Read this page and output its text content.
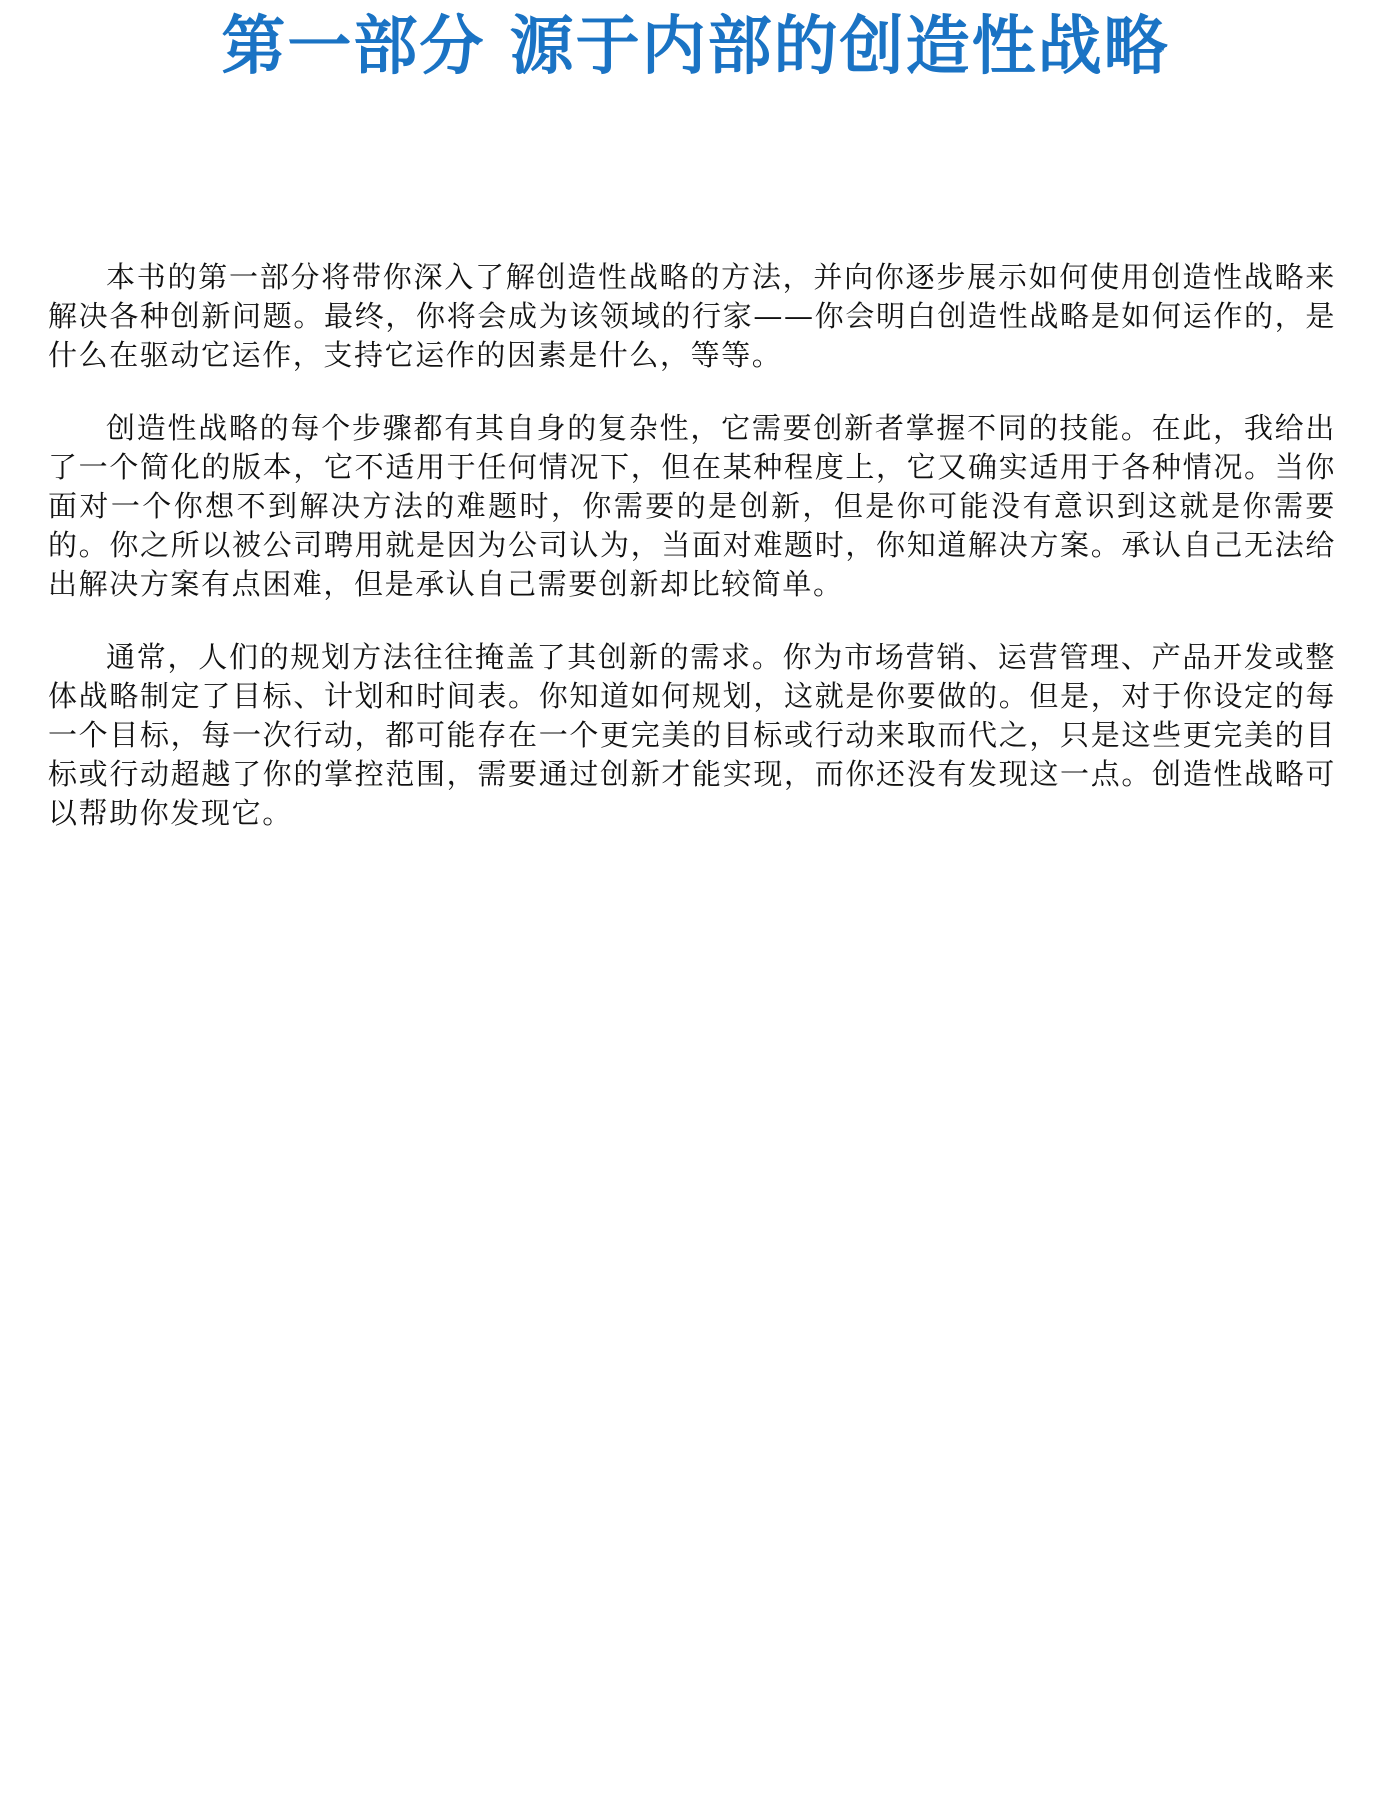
第一部分 源于内部的创造性战略

本书的第一部分将带你深入了解创造性战略的方法，并向你逐步展示如何使用创造性战略来解决各种创新问题。最终，你将会成为该领域的行家——你会明白创造性战略是如何运作的，是什么在驱动它运作，支持它运作的因素是什么，等等。

创造性战略的每个步骤都有其自身的复杂性，它需要创新者掌握不同的技能。在此，我给出了一个简化的版本，它不适用于任何情况下，但在某种程度上，它又确实适用于各种情况。当你面对一个你想不到解决方法的难题时，你需要的是创新，但是你可能没有意识到这就是你需要的。你之所以被公司聘用就是因为公司认为，当面对难题时，你知道解决方案。承认自己无法给出解决方案有点困难，但是承认自己需要创新却比较简单。

通常，人们的规划方法往往掩盖了其创新的需求。你为市场营销、运营管理、产品开发或整体战略制定了目标、计划和时间表。你知道如何规划，这就是你要做的。但是，对于你设定的每一个目标，每一次行动，都可能存在一个更完美的目标或行动来取而代之，只是这些更完美的目标或行动超越了你的掌控范围，需要通过创新才能实现，而你还没有发现这一点。创造性战略可以帮助你发现它。
